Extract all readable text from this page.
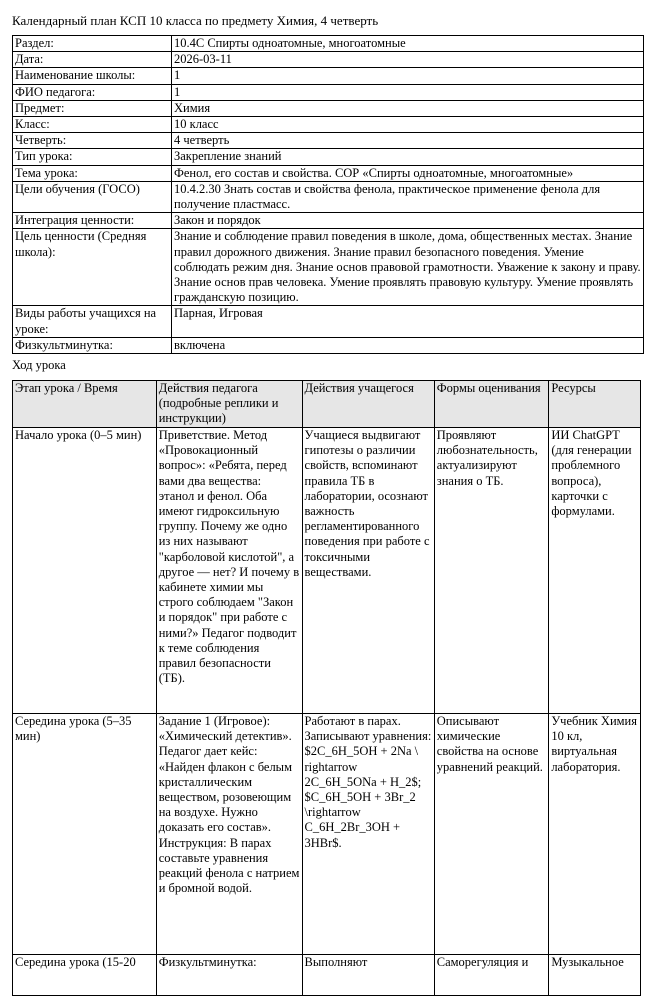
Календарный план КСП 10 класса по предмету Химия, 4 четверть
Раздел:	10.4C Спирты одноатомные, многоатомные
Дата:	2026-03-11
Наименование школы:	1
ФИО педагога:	1
Предмет:	Химия
Класс:	10 класс
Четверть:	4 четверть
Тип урока:	Закрепление знаний
Тема урока:	Фенол, его состав и свойства. СОР «Спирты одноатомные, многоатомные»
Цели обучения (ГОСО)	10.4.2.30 Знать состав и свойства фенола, практическое применение фенола для получение пластмасс.
Интеграция ценности:	Закон и порядок
Цель ценности (Средняя школа):	Знание и соблюдение правил поведения в школе, дома, общественных местах. Знание правил дорожного движения. Знание правил безопасного поведения. Умение соблюдать режим дня. Знание основ правовой грамотности. Уважение к закону и праву. Знание основ прав человека. Умение проявлять правовую культуру. Умение проявлять гражданскую позицию.
Виды работы учащихся на уроке:	Парная, Игровая
Физкультминутка:	включена
Ход урока
Этап урока / Время	Действия педагога (подробные реплики и инструкции)	Действия учащегося	Формы оценивания	Ресурсы
Начало урока (0–5 мин)	Приветствие. Метод «Провокационный вопрос»: «Ребята, перед вами два вещества: этанол и фенол. Оба имеют гидроксильную группу. Почему же одно из них называют "карболовой кислотой", а другое — нет? И почему в кабинете химии мы строго соблюдаем "Закон и порядок" при работе с ними?» Педагог подводит к теме соблюдения правил безопасности (ТБ).	Учащиеся выдвигают гипотезы о различии свойств, вспоминают правила ТБ в лаборатории, осознают важность регламентированного поведения при работе с токсичными веществами.	Проявляют любознательность, актуализируют знания о ТБ.	ИИ ChatGPT (для генерации проблемного вопроса), карточки с формулами.
Середина урока (5–35 мин)	Задание 1 (Игровое): «Химический детектив». Педагог дает кейс: «Найден флакон с белым кристаллическим веществом, розовеющим на воздухе. Нужно доказать его состав». Инструкция: В парах составьте уравнения реакций фенола с натрием и бромной водой.	Работают в парах. Записывают уравнения: $2C_6H_5OH + 2Na \ rightarrow 2C_6H_5ONa + H_2$; $C_6H_5OH + 3Br_2 \rightarrow C_6H_2Br_3OH + 3HBr$.	Описывают химические свойства на основе уравнений реакций.	Учебник Химия 10 кл, виртуальная лаборатория.
Середина урока (15-20	Физкультминутка:	Выполняют	Саморегуляция и	Музыкальное
